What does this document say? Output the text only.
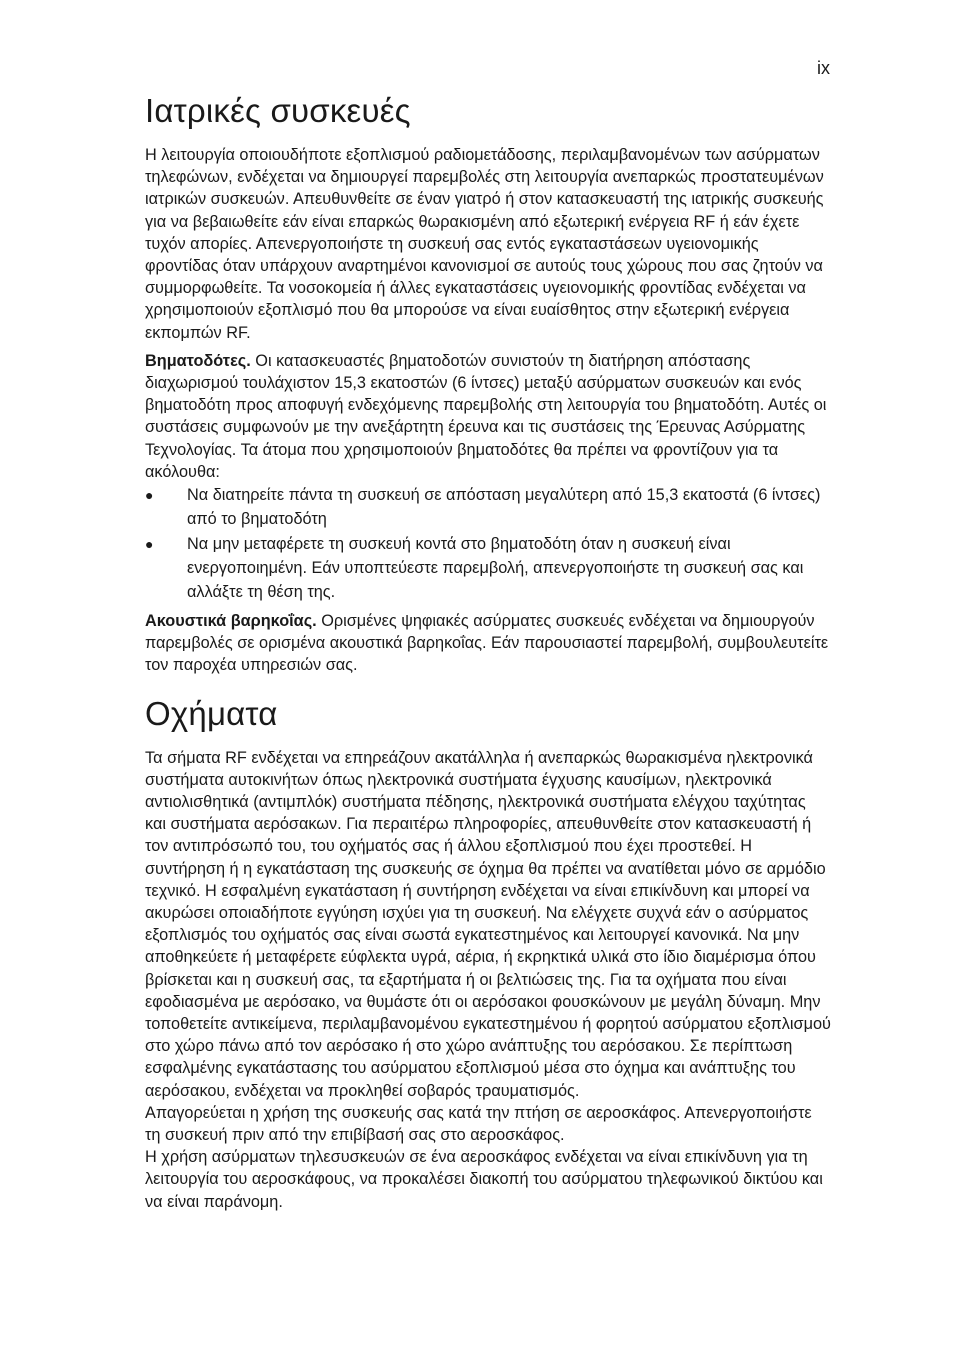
ix
Ιατρικές συσκευές

Η λειτουργία οποιουδήποτε εξοπλισμού ραδιομετάδοσης, περιλαμβανομένων των ασύρματων τηλεφώνων, ενδέχεται να δημιουργεί παρεμβολές στη λειτουργία ανεπαρκώς προστατευμένων ιατρικών συσκευών. Απευθυνθείτε σε έναν γιατρό ή στον κατασκευαστή της ιατρικής συσκευής για να βεβαιωθείτε εάν είναι επαρκώς θωρακισμένη από εξωτερική ενέργεια RF ή εάν έχετε τυχόν απορίες. Απενεργοποιήστε τη συσκευή σας εντός εγκαταστάσεων υγειονομικής φροντίδας όταν υπάρχουν αναρτημένοι κανονισμοί σε αυτούς τους χώρους που σας ζητούν να συμμορφωθείτε. Τα νοσοκομεία ή άλλες εγκαταστάσεις υγειονομικής φροντίδας ενδέχεται να χρησιμοποιούν εξοπλισμό που θα μπορούσε να είναι ευαίσθητος στην εξωτερική ενέργεια εκπομπών RF.

Βηματοδότες. Οι κατασκευαστές βηματοδοτών συνιστούν τη διατήρηση απόστασης διαχωρισμού τουλάχιστον 15,3 εκατοστών (6 ίντσες) μεταξύ ασύρματων συσκευών και ενός βηματοδότη προς αποφυγή ενδεχόμενης παρεμβολής στη λειτουργία του βηματοδότη. Αυτές οι συστάσεις συμφωνούν με την ανεξάρτητη έρευνα και τις συστάσεις της Έρευνας Ασύρματης Τεχνολογίας. Τα άτομα που χρησιμοποιούν βηματοδότες θα πρέπει να φροντίζουν για τα ακόλουθα:

● Να διατηρείτε πάντα τη συσκευή σε απόσταση μεγαλύτερη από 15,3 εκατοστά (6 ίντσες) από το βηματοδότη
● Να μην μεταφέρετε τη συσκευή κοντά στο βηματοδότη όταν η συσκευή είναι ενεργοποιημένη. Εάν υποπτεύεστε παρεμβολή, απενεργοποιήστε τη συσκευή σας και αλλάξτε τη θέση της.

Ακουστικά βαρηκοΐας. Ορισμένες ψηφιακές ασύρματες συσκευές ενδέχεται να δημιουργούν παρεμβολές σε ορισμένα ακουστικά βαρηκοΐας. Εάν παρουσιαστεί παρεμβολή, συμβουλευτείτε τον παροχέα υπηρεσιών σας.

Οχήματα

Τα σήματα RF ενδέχεται να επηρεάζουν ακατάλληλα ή ανεπαρκώς θωρακισμένα ηλεκτρονικά συστήματα αυτοκινήτων όπως ηλεκτρονικά συστήματα έγχυσης καυσίμων, ηλεκτρονικά αντιολισθητικά (αντιμπλόκ) συστήματα πέδησης, ηλεκτρονικά συστήματα ελέγχου ταχύτητας και συστήματα αερόσακων. Για περαιτέρω πληροφορίες, απευθυνθείτε στον κατασκευαστή ή τον αντιπρόσωπό του, του οχήματός σας ή άλλου εξοπλισμού που έχει προστεθεί. Η συντήρηση ή η εγκατάσταση της συσκευής σε όχημα θα πρέπει να ανατίθεται μόνο σε αρμόδιο τεχνικό. Η εσφαλμένη εγκατάσταση ή συντήρηση ενδέχεται να είναι επικίνδυνη και μπορεί να ακυρώσει οποιαδήποτε εγγύηση ισχύει για τη συσκευή. Να ελέγχετε συχνά εάν ο ασύρματος εξοπλισμός του οχήματός σας είναι σωστά εγκατεστημένος και λειτουργεί κανονικά. Να μην αποθηκεύετε ή μεταφέρετε εύφλεκτα υγρά, αέρια, ή εκρηκτικά υλικά στο ίδιο διαμέρισμα όπου βρίσκεται και η συσκευή σας, τα εξαρτήματα ή οι βελτιώσεις της. Για τα οχήματα που είναι εφοδιασμένα με αερόσακο, να θυμάστε ότι οι αερόσακοι φουσκώνουν με μεγάλη δύναμη. Μην τοποθετείτε αντικείμενα, περιλαμβανομένου εγκατεστημένου ή φορητού ασύρματου εξοπλισμού στο χώρο πάνω από τον αερόσακο ή στο χώρο ανάπτυξης του αερόσακου. Σε περίπτωση εσφαλμένης εγκατάστασης του ασύρματου εξοπλισμού μέσα στο όχημα και ανάπτυξης του αερόσακου, ενδέχεται να προκληθεί σοβαρός τραυματισμός.

Απαγορεύεται η χρήση της συσκευής σας κατά την πτήση σε αεροσκάφος. Απενεργοποιήστε τη συσκευή πριν από την επιβίβασή σας στο αεροσκάφος.

Η χρήση ασύρματων τηλεσυσκευών σε ένα αεροσκάφος ενδέχεται να είναι επικίνδυνη για τη λειτουργία του αεροσκάφους, να προκαλέσει διακοπή του ασύρματου τηλεφωνικού δικτύου και να είναι παράνομη.
